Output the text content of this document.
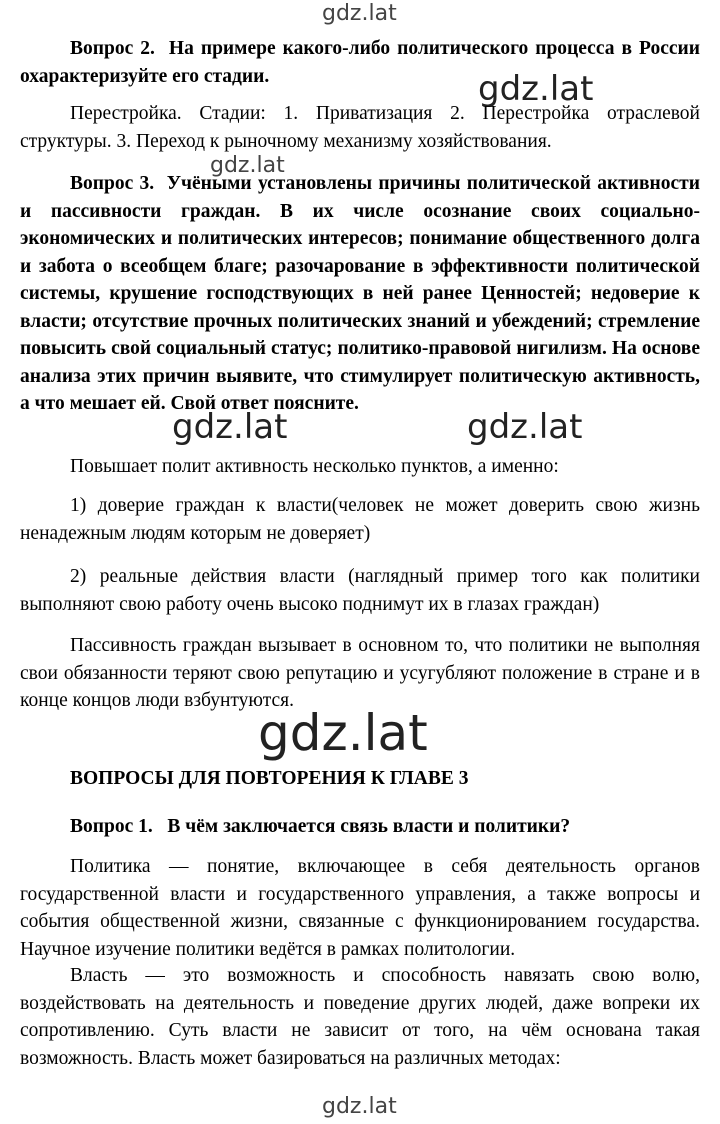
gdz.lat
gdz.lat
gdz.lat
gdz.lat	gdz.lat
gdz.lat
gdz.lat
Вопрос 2. На примере какого-либо политического процесса в России охарактеризуйте его стадии.
Перестройка. Стадии: 1. Приватизация 2. Перестройка отраслевой структуры. 3. Переход к рыночному механизму хозяйствования.
Вопрос 3. Учёными установлены причины политической активности и пассивности граждан. В их числе осознание своих социально-экономических и политических интересов; понимание общественного долга и забота о всеобщем благе; разочарование в эффективности политической системы, крушение господствующих в ней ранее Ценностей; недоверие к власти; отсутствие прочных политических знаний и убеждений; стремление повысить свой социальный статус; политико-правовой нигилизм. На основе анализа этих причин выявите, что стимулирует политическую активность, а что мешает ей. Свой ответ поясните.
Повышает полит активность несколько пунктов, а именно:
1) доверие граждан к власти(человек не может доверить свою жизнь ненадежным людям которым не доверяет)
2) реальные действия власти (наглядный пример того как политики выполняют свою работу очень высоко поднимут их в глазах граждан)
Пассивность граждан вызывает в основном то, что политики не выполняя свои обязанности теряют свою репутацию и усугубляют положение в стране и в конце концов люди взбунтуются.
ВОПРОСЫ ДЛЯ ПОВТОРЕНИЯ К ГЛАВЕ 3
Вопрос 1. В чём заключается связь власти и политики?
Политика — понятие, включающее в себя деятельность органов государственной власти и государственного управления, а также вопросы и события общественной жизни, связанные с функционированием государства. Научное изучение политики ведётся в рамках политологии.
Власть — это возможность и способность навязать свою волю, воздействовать на деятельность и поведение других людей, даже вопреки их сопротивлению. Суть власти не зависит от того, на чём основана такая возможность. Власть может базироваться на различных методах:
